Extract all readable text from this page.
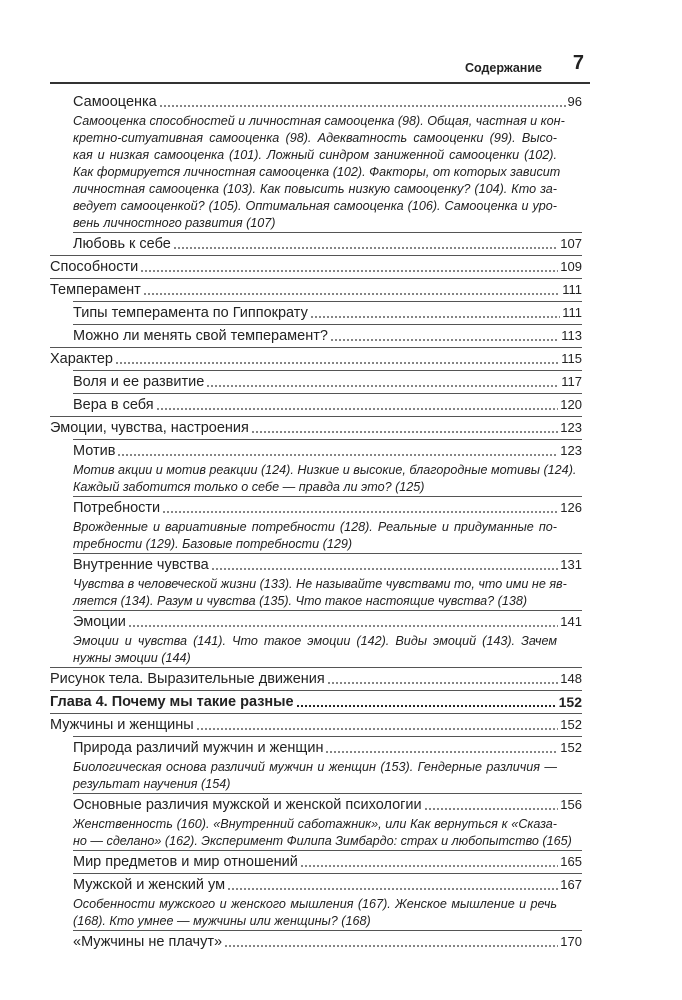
Содержание 7
Самооценка	96
Самооценка способностей и личностная самооценка (98). Общая, частная и кон-
кретно-ситуативная самооценка (98). Адекватность самооценки (99). Высо-
кая и низкая самооценка (101). Ложный синдром заниженной самооценки (102).
Как формируется личностная самооценка (102). Факторы, от которых зависит
личностная самооценка (103). Как повысить низкую самооценку? (104). Кто за-
ведует самооценкой? (105). Оптимальная самооценка (106). Самооценка и уро-
вень личностного развития (107)
Любовь к себе	107
Способности	109
Темперамент	111
Типы темперамента по Гиппократу	111
Можно ли менять свой темперамент?	113
Характер	115
Воля и ее развитие	117
Вера в себя	120
Эмоции, чувства, настроения	123
Мотив	123
Мотив акции и мотив реакции (124). Низкие и высокие, благородные мотивы (124).
Каждый заботится только о себе — правда ли это? (125)
Потребности	126
Врожденные и вариативные потребности (128). Реальные и придуманные по-
требности (129). Базовые потребности (129)
Внутренние чувства	131
Чувства в человеческой жизни (133). Не называйте чувствами то, что ими не яв-
ляется (134). Разум и чувства (135). Что такое настоящие чувства? (138)
Эмоции	141
Эмоции и чувства (141). Что такое эмоции (142). Виды эмоций (143). Зачем
нужны эмоции (144)
Рисунок тела. Выразительные движения	148
Глава 4. Почему мы такие разные	152
Мужчины и женщины	152
Природа различий мужчин и женщин	152
Биологическая основа различий мужчин и женщин (153). Гендерные различия —
результат научения (154)
Основные различия мужской и женской психологии	156
Женственность (160). «Внутренний саботажник», или Как вернуться к «Сказа-
но — сделано» (162). Эксперимент Филипа Зимбардо: страх и любопытство (165)
Мир предметов и мир отношений	165
Мужской и женский ум	167
Особенности мужского и женского мышления (167). Женское мышление и речь
(168). Кто умнее — мужчины или женщины? (168)
«Мужчины не плачут»	170
